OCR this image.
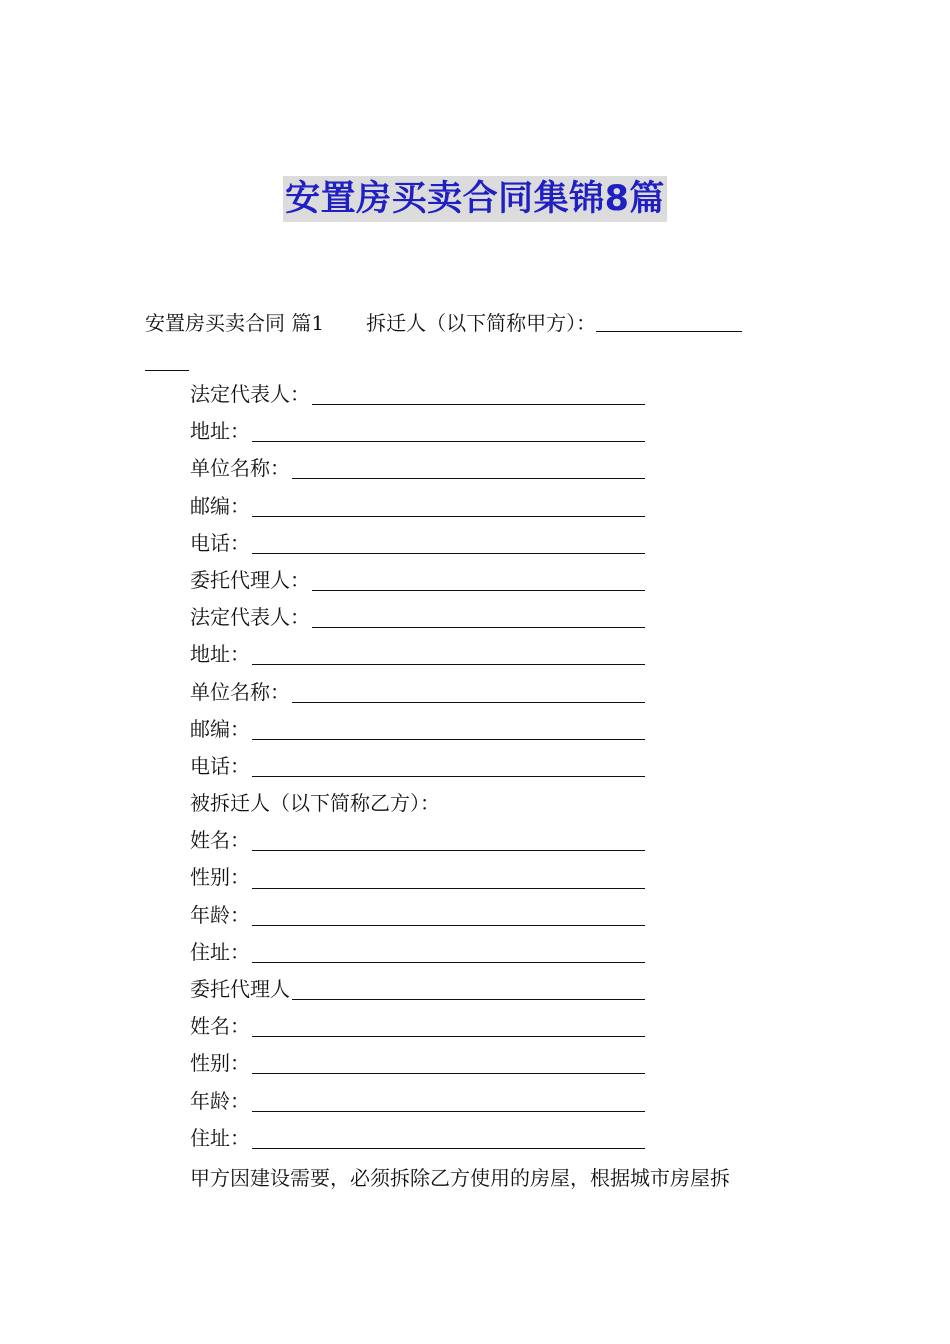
安置房买卖合同集锦8篇
安置房买卖合同 篇1 拆迁人（以下简称甲方）：
法定代表人：
地址：
单位名称：
邮编：
电话：
委托代理人：
法定代表人：
地址：
单位名称：
邮编：
电话：
被拆迁人（以下简称乙方）：
姓名：
性别：
年龄：
住址：
委托代理人
姓名：
性别：
年龄：
住址：
甲方因建设需要，必须拆除乙方使用的房屋，根据城市房屋拆
